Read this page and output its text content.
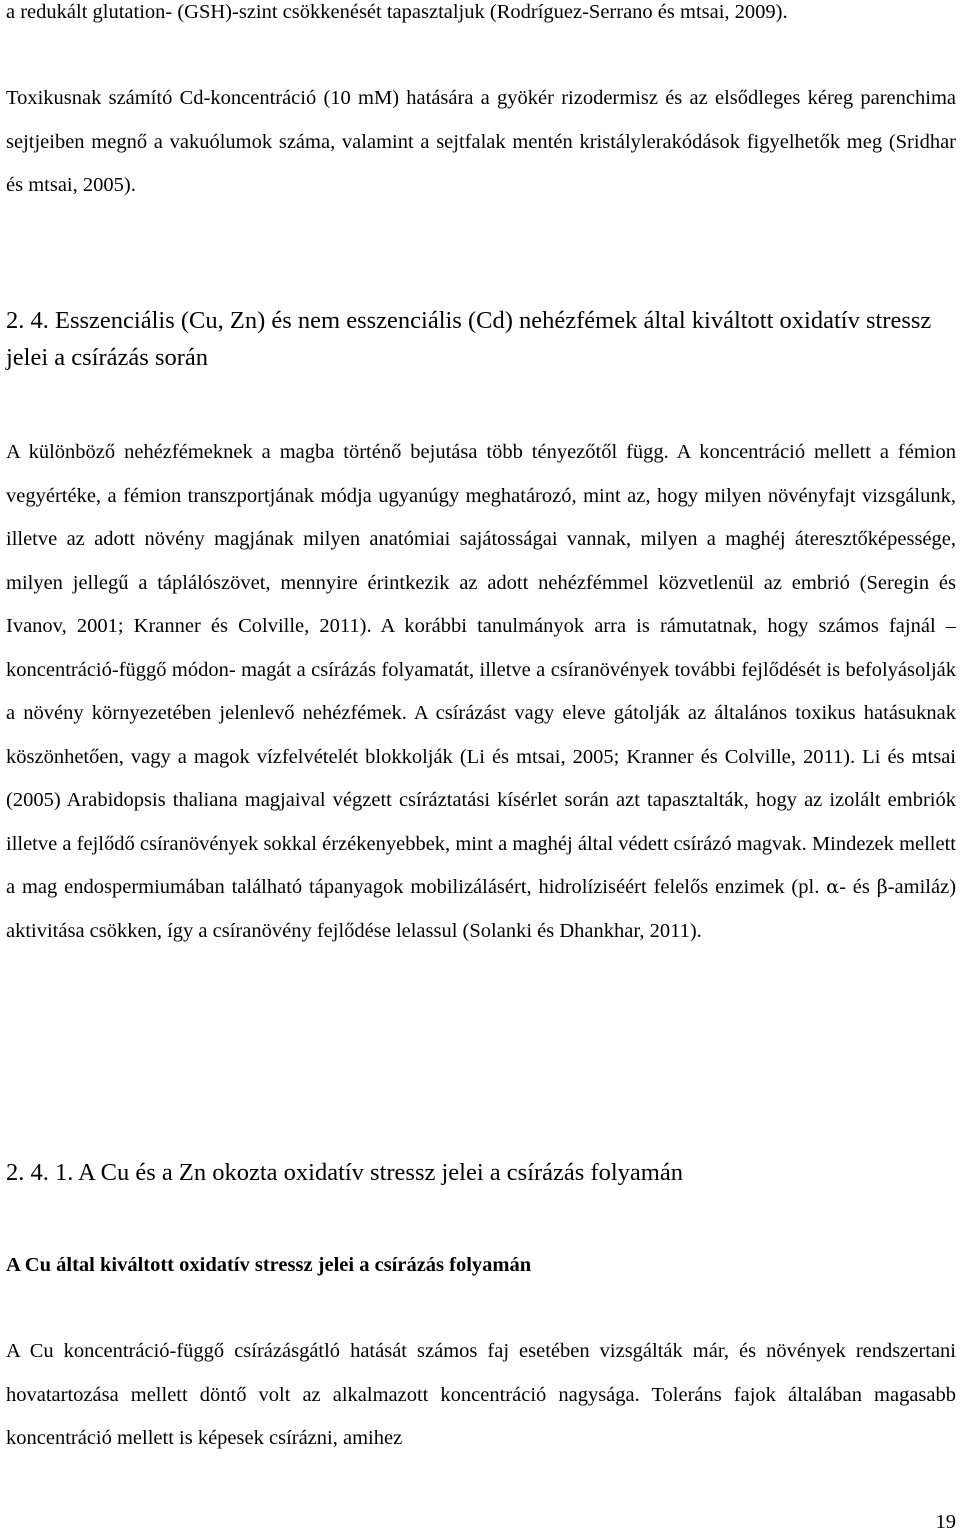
a redukált glutation- (GSH)-szint csökkenését tapasztaljuk (Rodríguez-Serrano és mtsai, 2009).

Toxikusnak számító Cd-koncentráció (10 mM) hatására a gyökér rizodermisz és az elsődleges kéreg parenchima sejtjeiben megnő a vakuólumok száma, valamint a sejtfalak mentén kristálylerakódások figyelhetők meg (Sridhar és mtsai, 2005).

2. 4. Esszenciális (Cu, Zn) és nem esszenciális (Cd) nehézfémek által kiváltott oxidatív stressz jelei a csírázás során

A különböző nehézfémeknek a magba történő bejutása több tényezőtől függ. A koncentráció mellett a fémion vegyértéke, a fémion transzportjának módja ugyanúgy meghatározó, mint az, hogy milyen növényfajt vizsgálunk, illetve az adott növény magjának milyen anatómiai sajátosságai vannak, milyen a maghéj áteresztőképessége, milyen jellegű a táplálószövet, mennyire érintkezik az adott nehézfémmel közvetlenül az embrió (Seregin és Ivanov, 2001; Kranner és Colville, 2011). A korábbi tanulmányok arra is rámutatnak, hogy számos fajnál – koncentráció-függő módon- magát a csírázás folyamatát, illetve a csíranövények további fejlődését is befolyásolják a növény környezetében jelenlevő nehézfémek. A csírázást vagy eleve gátolják az általános toxikus hatásuknak köszönhetően, vagy a magok vízfelvételét blokkolják (Li és mtsai, 2005; Kranner és Colville, 2011). Li és mtsai (2005) Arabidopsis thaliana magjaival végzett csíráztatási kísérlet során azt tapasztalták, hogy az izolált embriók illetve a fejlődő csíranövények sokkal érzékenyebbek, mint a maghéj által védett csírázó magvak. Mindezek mellett a mag endospermiumában található tápanyagok mobilizálásért, hidrolíziséért felelős enzimek (pl. α- és β-amiláz) aktivitása csökken, így a csíranövény fejlődése lelassul (Solanki és Dhankhar, 2011).

2. 4. 1. A Cu és a Zn okozta oxidatív stressz jelei a csírázás folyamán
A Cu által kiváltott oxidatív stressz jelei a csírázás folyamán

A Cu koncentráció-függő csírázásgátló hatását számos faj esetében vizsgálták már, és növények rendszertani hovatartozása mellett döntő volt az alkalmazott koncentráció nagysága. Toleráns fajok általában magasabb koncentráció mellett is képesek csírázni, amihez

19
